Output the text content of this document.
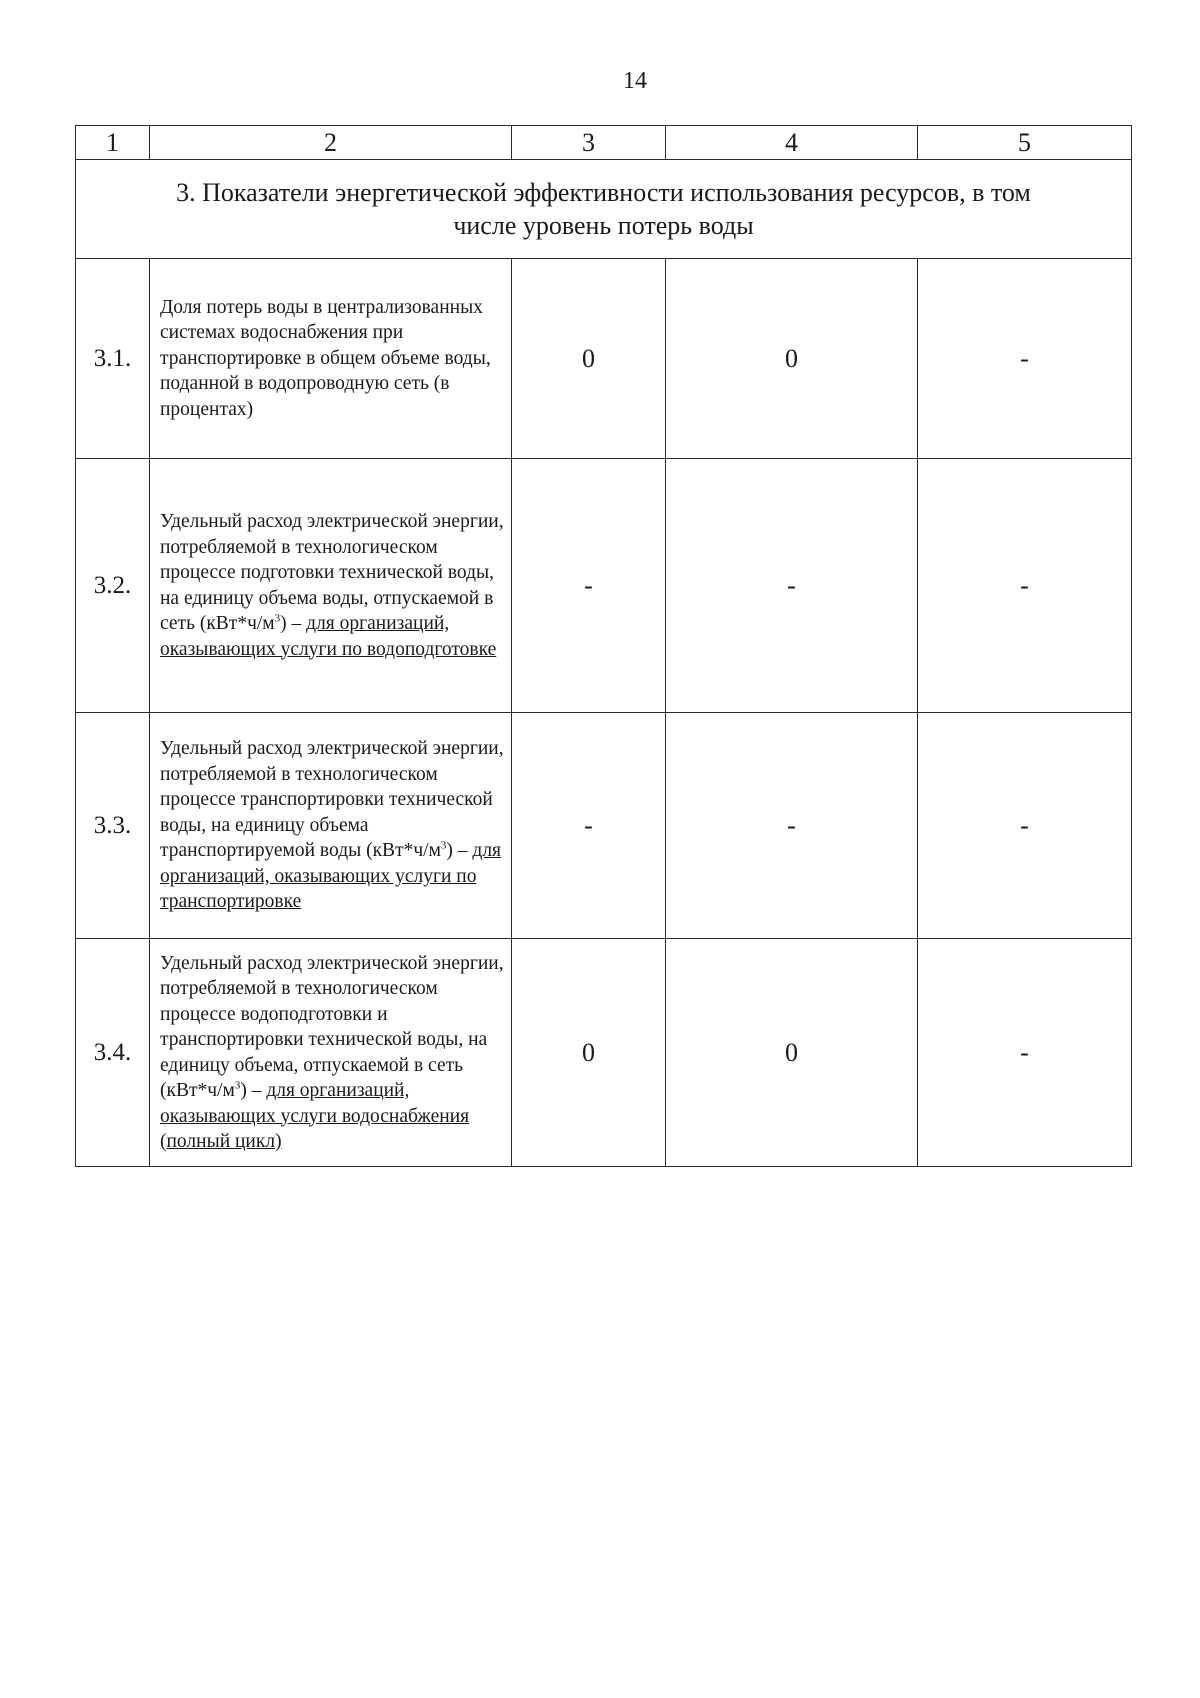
14
1	2	3	4	5

3. Показатели энергетической эффективности использования ресурсов, в том
числе уровень потерь воды				

3.1.	Доля потерь воды в централизованных системах водоснабжения при транспортировке в общем объеме воды, поданной в водопроводную сеть (в процентах)	0	0	-
3.2.	Удельный расход электрической энергии, потребляемой в технологическом процессе подготовки технической воды, на единицу объема воды, отпускаемой в сеть $(кВт*ч/м^3)$ – для организаций, оказывающих услуги по водоподготовке	-	-	-
3.3.	Удельный расход электрической энергии, потребляемой в технологическом процессе транспортировки технической воды, на единицу объема транспортируемой воды $(кВт*ч/м^3)$ – для организаций, оказывающих услуги по транспортировке	-	-	-
3.4.	Удельный расход электрической энергии, потребляемой в технологическом процессе водоподготовки и транспортировки технической воды, на единицу объема, отпускаемой в сеть $(кВт*ч/м^3)$ – для организаций, оказывающих услуги водоснабжения (полный цикл)	0	0	-
